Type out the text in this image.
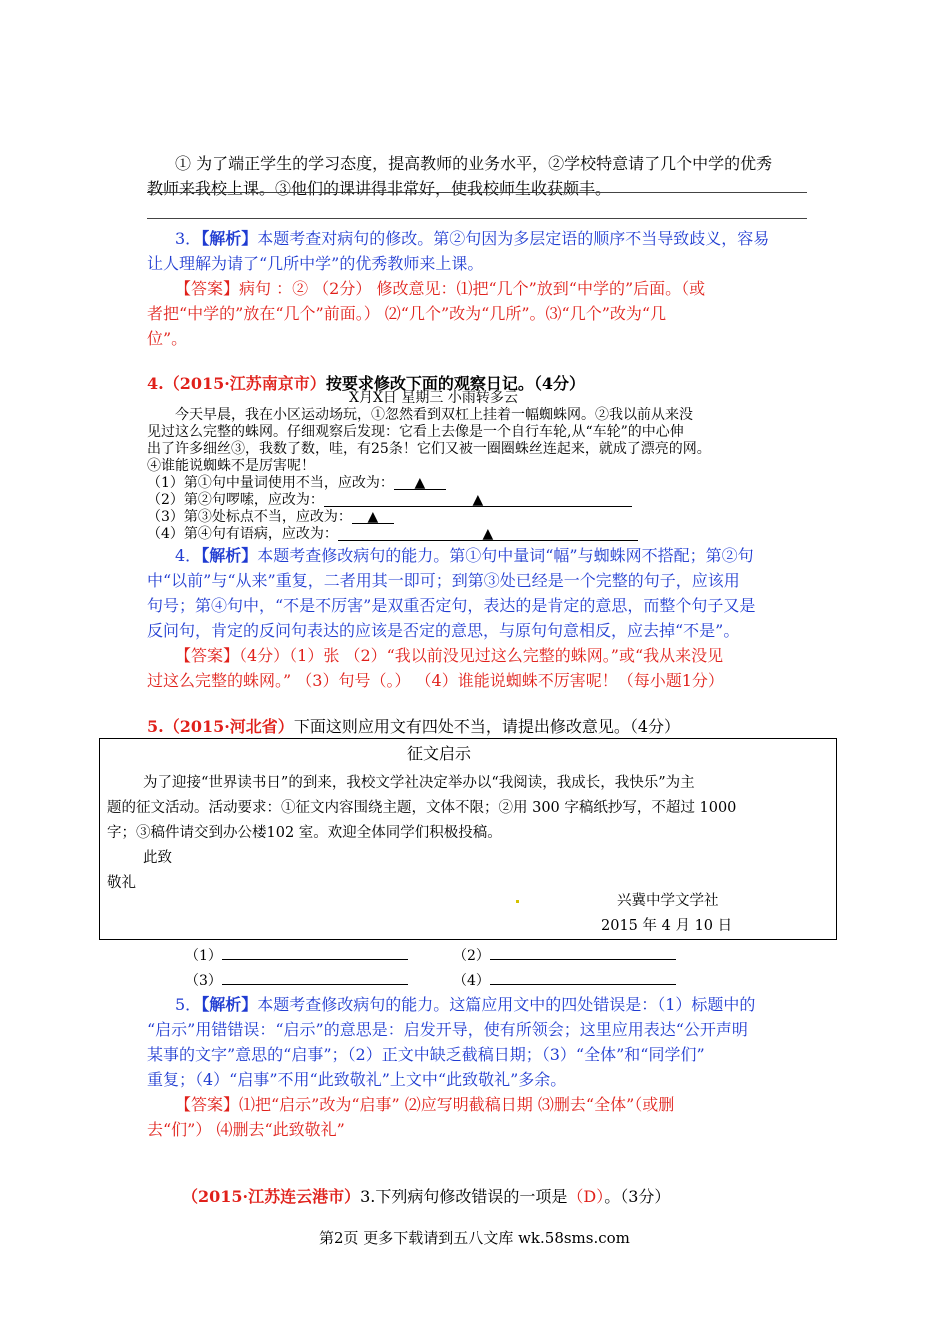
① 为了端正学生的学习态度，提高教师的业务水平，②学校特意请了几个中学的优秀
教师来我校上课。③他们的课讲得非常好，使我校师生收获颇丰。
3．【解析】本题考查对病句的修改。第②句因为多层定语的顺序不当导致歧义，容易
让人理解为请了“几所中学”的优秀教师来上课。
【答案】病句 ：② （2分） 修改意见：⑴把“几个”放到“中学的”后面。（或
者把“中学的”放在“几个”前面。） ⑵“几个”改为“几所”。⑶“几个”改为“几
位”。
4.（2015·江苏南京市）按要求修改下面的观察日记。（4分）
X月X日 星期三 小雨转多云
今天早晨，我在小区运动场玩，①忽然看到双杠上挂着一幅蜘蛛网。②我以前从来没
见过这么完整的蛛网。仔细观察后发现：它看上去像是一个自行车轮,从“车轮”的中心伸
出了许多细丝③，我数了数，哇，有25条！它们又被一圈圈蛛丝连起来，就成了漂亮的网。
④谁能说蜘蛛不是厉害呢！
（1）第①句中量词使用不当，应改为： ▲
（2）第②句啰嗦，应改为：	▲
（3）第③处标点不当，应改为： ▲
（4）第④句有语病，应改为：	▲
4．【解析】本题考查修改病句的能力。第①句中量词“幅”与蜘蛛网不搭配；第②句
中“以前”与“从来”重复，二者用其一即可；到第③处已经是一个完整的句子，应该用
句号；第④句中，“不是不厉害”是双重否定句，表达的是肯定的意思，而整个句子又是
反问句，肯定的反问句表达的应该是否定的意思，与原句句意相反，应去掉“不是”。
【答案】（4分）（1）张 （2）“我以前没见过这么完整的蛛网。”或“我从来没见
过这么完整的蛛网。” （3）句号（。） （4）谁能说蜘蛛不厉害呢！（每小题1分）
5.（2015·河北省）下面这则应用文有四处不当，请提出修改意见。（4分）
征文启示
为了迎接“世界读书日”的到来，我校文学社决定举办以“我阅读，我成长，我快乐”为主
题的征文活动。活动要求：①征文内容围绕主题，文体不限；②用 300 字稿纸抄写，不超过 1000
字；③稿件请交到办公楼102 室。欢迎全体同学们积极投稿。
此致
敬礼
兴冀中学文学社
2015 年 4 月 10 日
（1）	（2）
（3）	（4）
5．【解析】本题考查修改病句的能力。这篇应用文中的四处错误是：（1）标题中的
“启示”用错错误：“启示”的意思是：启发开导，使有所领会；这里应用表达“公开声明
某事的文字”意思的“启事”；（2）正文中缺乏截稿日期；（3）“全体”和“同学们”
重复；（4）“启事”不用“此致敬礼”上文中“此致敬礼”多余。
【答案】⑴把“启示”改为“启事” ⑵应写明截稿日期 ⑶删去“全体”（或删
去“们”） ⑷删去“此致敬礼”
（2015·江苏连云港市）3.下列病句修改错误的一项是（D）。（3分）
第2页 更多下载请到五八文库 wk.58sms.com
